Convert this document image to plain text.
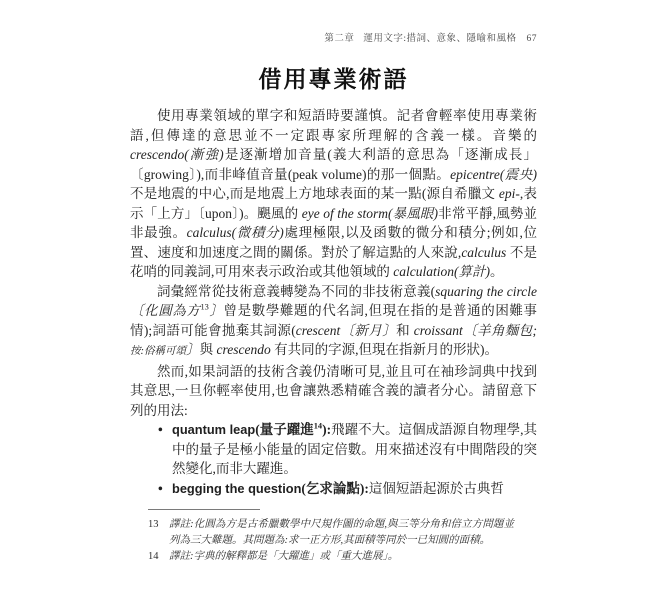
第二章 運用文字:措詞、意象、隱喻和風格 67
借用專業術語

使用專業領域的單字和短語時要謹慎。記者會輕率使用專業術語,但傳達的意思並不一定跟專家所理解的含義一樣。音樂的 crescendo(漸強)是逐漸增加音量(義大利語的意思為「逐漸成長」〔growing〕),而非峰值音量(peak volume)的那一個點。epicentre(震央)不是地震的中心,而是地震上方地球表面的某一點(源自希臘文 epi-,表示「上方」〔upon〕)。颶風的 eye of the storm(暴風眼)非常平靜,風勢並非最強。calculus(微積分)處理極限,以及函數的微分和積分;例如,位置、速度和加速度之間的關係。對於了解這點的人來說,calculus 不是花哨的同義詞,可用來表示政治或其他領域的 calculation(算計)。

詞彙經常從技術意義轉變為不同的非技術意義(squaring the circle〔化圓為方$^{13}$〕曾是數學難題的代名詞,但現在指的是普通的困難事情);詞語可能會拋棄其詞源(crescent〔新月〕和 croissant〔羊角麵包;按:俗稱可頌〕與 crescendo 有共同的字源,但現在指新月的形狀)。

然而,如果詞語的技術含義仍清晰可見,並且可在袖珍詞典中找到其意思,一旦你輕率使用,也會讓熟悉精確含義的讀者分心。請留意下列的用法:

• quantum leap(量子躍進$^{14}$):飛躍不大。這個成語源自物理學,其中的量子是極小能量的固定倍數。用來描述沒有中間階段的突然變化,而非大躍進。
• begging the question(乞求論點):這個短語起源於古典哲
13 譯註:化圓為方是古希臘數學中尺規作圖的命題,與三等分角和倍立方問題並列為三大難題。其問題為:求一正方形,其面積等同於一已知圓的面積。
14 譯註:字典的解釋都是「大躍進」或「重大進展」。
